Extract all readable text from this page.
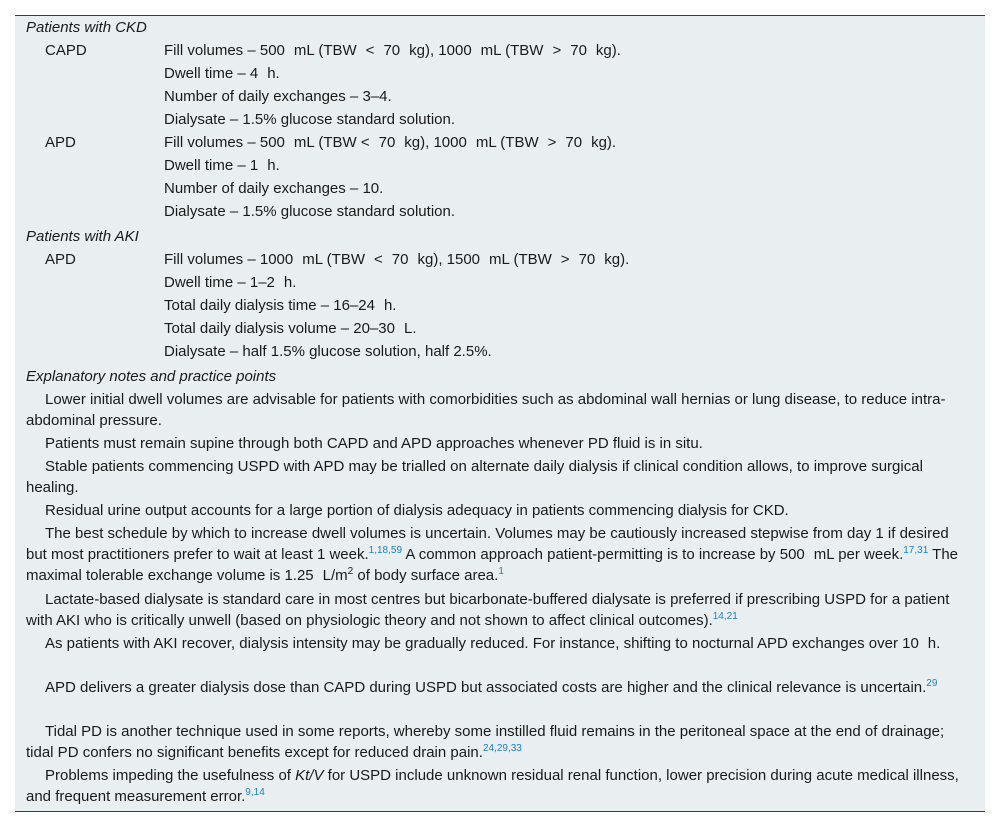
Patients with CKD
CAPD	Fill volumes – 500   mL (TBW   <   70   kg), 1000   mL (TBW   >   70   kg).
Dwell time – 4   h.
Number of daily exchanges – 3–4.
Dialysate – 1.5% glucose standard solution.
APD	Fill volumes – 500   mL (TBW <   70   kg), 1000   mL (TBW   >   70   kg).
Dwell time – 1   h.
Number of daily exchanges – 10.
Dialysate – 1.5% glucose standard solution.
Patients with AKI
APD	Fill volumes – 1000   mL (TBW   <   70   kg), 1500   mL (TBW   >   70   kg).
Dwell time – 1–2   h.
Total daily dialysis time – 16–24   h.
Total daily dialysis volume – 20–30   L.
Dialysate – half 1.5% glucose solution, half 2.5%.
Explanatory notes and practice points
Lower initial dwell volumes are advisable for patients with comorbidities such as abdominal wall hernias or lung disease, to reduce intra-abdominal pressure.
Patients must remain supine through both CAPD and APD approaches whenever PD fluid is in situ.
Stable patients commencing USPD with APD may be trialled on alternate daily dialysis if clinical condition allows, to improve surgical healing.
Residual urine output accounts for a large portion of dialysis adequacy in patients commencing dialysis for CKD.
The best schedule by which to increase dwell volumes is uncertain. Volumes may be cautiously increased stepwise from day 1 if desired but most practitioners prefer to wait at least 1 week.$^{1,18,59}$ A common approach patient-permitting is to increase by 500   mL per week.$^{17,31}$ The maximal tolerable exchange volume is 1.25   $L/m^2$ of body surface area.$^1$
Lactate-based dialysate is standard care in most centres but bicarbonate-buffered dialysate is preferred if prescribing USPD for a patient with AKI who is critically unwell (based on physiologic theory and not shown to affect clinical outcomes).$^{14,21}$
As patients with AKI recover, dialysis intensity may be gradually reduced. For instance, shifting to nocturnal APD exchanges over 10   h.
APD delivers a greater dialysis dose than CAPD during USPD but associated costs are higher and the clinical relevance is uncertain.$^{29}$
Tidal PD is another technique used in some reports, whereby some instilled fluid remains in the peritoneal space at the end of drainage; tidal PD confers no significant benefits except for reduced drain pain.$^{24,29,33}$
Problems impeding the usefulness of Kt/V for USPD include unknown residual renal function, lower precision during acute medical illness, and frequent measurement error.$^{9,14}$
